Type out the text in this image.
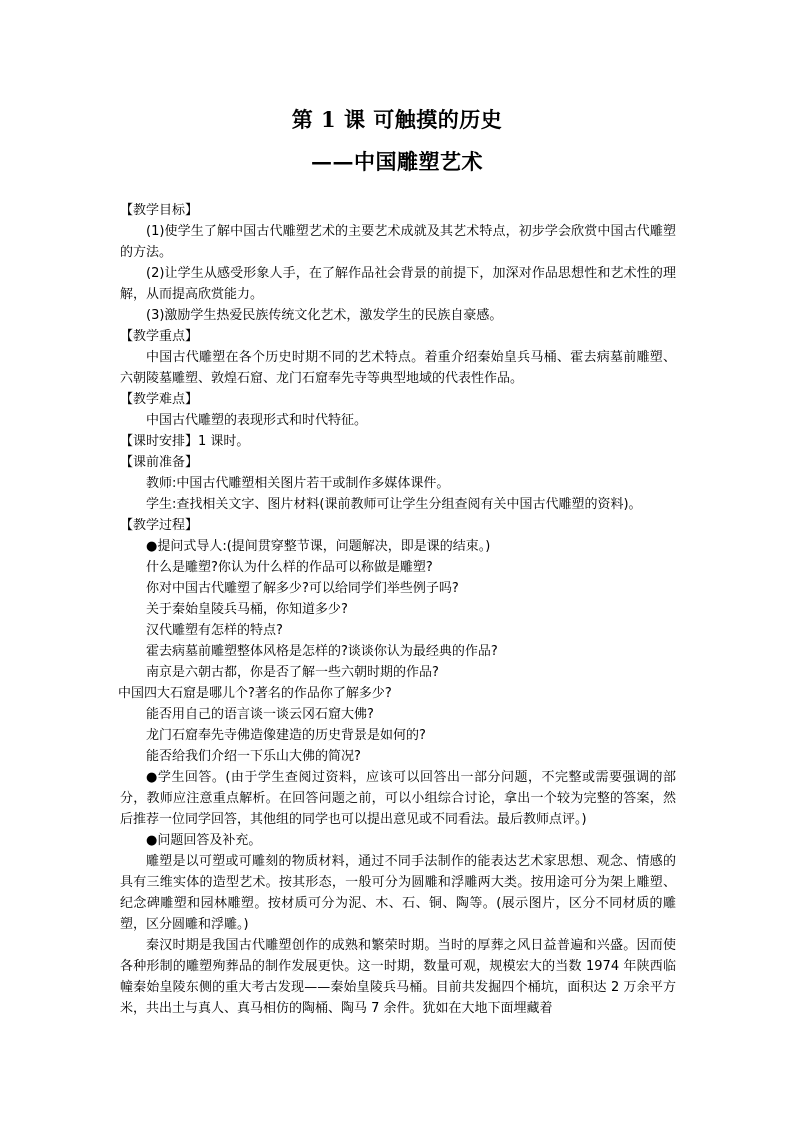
第 1 课 可触摸的历史
——中国雕塑艺术

【教学目标】

(1)使学生了解中国古代雕塑艺术的主要艺术成就及其艺术特点，初步学会欣赏中国古代雕塑的方法。

(2)让学生从感受形象人手，在了解作品社会背景的前提下，加深对作品思想性和艺术性的理解，从而提高欣赏能力。

(3)激励学生热爱民族传统文化艺术，激发学生的民族自豪感。

【教学重点】

中国古代雕塑在各个历史时期不同的艺术特点。着重介绍秦始皇兵马桶、霍去病墓前雕塑、六朝陵墓雕塑、敦煌石窟、龙门石窟奉先寺等典型地域的代表性作品。

【教学难点】

中国古代雕塑的表现形式和时代特征。

【课时安排】1 课时。

【课前准备】

教师:中国古代雕塑相关图片若干或制作多媒体课件。

学生:查找相关文字、图片材料(课前教师可让学生分组查阅有关中国古代雕塑的资料)。

【教学过程】

●提问式导人:(提间贯穿整节课，问题解决，即是课的结束。)

什么是雕塑?你认为什么样的作品可以称做是雕塑?

你对中国古代雕塑了解多少?可以给同学们举些例子吗?

关于秦始皇陵兵马桶，你知道多少?

汉代雕塑有怎样的特点?

霍去病墓前雕塑整体风格是怎样的?谈谈你认为最经典的作品?

南京是六朝古都，你是否了解一些六朝时期的作品?

中国四大石窟是哪儿个?著名的作品你了解多少?

能否用自己的语言谈一谈云冈石窟大佛?

龙门石窟奉先寺佛造像建造的历史背景是如何的?

能否给我们介绍一下乐山大佛的简况?

●学生回答。(由于学生查阅过资料，应该可以回答出一部分问题，不完整或需要强调的部分，教师应注意重点解析。在回答问题之前，可以小组综合讨论，拿出一个较为完整的答案，然后推荐一位同学回答，其他组的同学也可以提出意见或不同看法。最后教师点评。)

●问题回答及补充。

雕塑是以可塑或可雕刻的物质材料，通过不同手法制作的能表达艺术家思想、观念、情感的具有三维实体的造型艺术。按其形态，一般可分为圆雕和浮雕两大类。按用途可分为架上雕塑、纪念碑雕塑和园林雕塑。按材质可分为泥、木、石、铜、陶等。(展示图片，区分不同材质的雕塑，区分圆雕和浮雕。)

秦汉时期是我国古代雕塑创作的成熟和繁荣时期。当时的厚葬之风日益普遍和兴盛。因而使各种形制的雕塑殉葬品的制作发展更快。这一时期，数量可观，规模宏大的当数 1974 年陕西临幢秦始皇陵东侧的重大考古发现——秦始皇陵兵马桶。目前共发掘四个桶坑，面积达 2 万余平方米，共出土与真人、真马相仿的陶桶、陶马 7 余件。犹如在大地下面埋藏着
